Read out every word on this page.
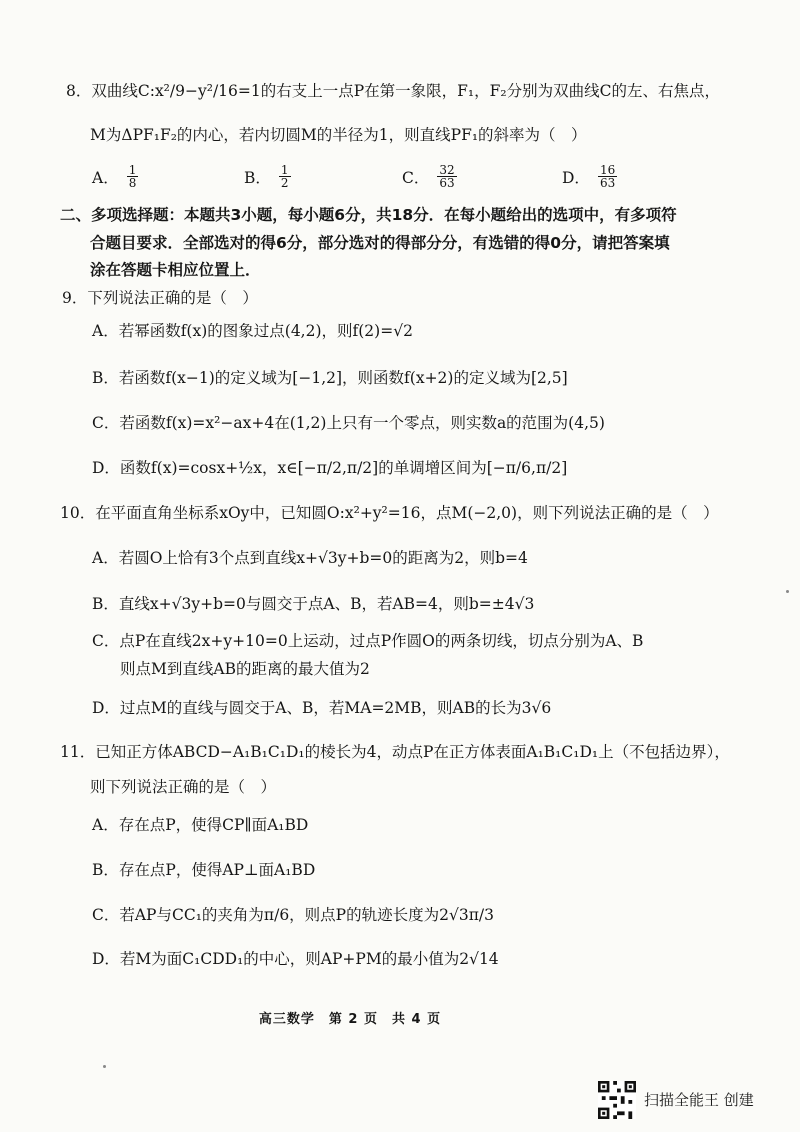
8．双曲线C:x²/9−y²/16=1的右支上一点P在第一象限，F₁，F₂分别为双曲线C的左、右焦点，
M为ΔPF₁F₂的内心，若内切圆M的半径为1，则直线PF₁的斜率为（　）
A． $\frac{1}{8}$	B． $\frac{1}{2}$	C． $\frac{32}{63}$	D． $\frac{16}{63}$
二、多项选择题：本题共3小题，每小题6分，共18分．在每小题给出的选项中，有多项符
合题目要求．全部选对的得6分，部分选对的得部分分，有选错的得0分，请把答案填
涂在答题卡相应位置上．
9．下列说法正确的是（　）
A．若幂函数f(x)的图象过点(4,2)，则f(2)=√2
B．若函数f(x−1)的定义域为[−1,2]，则函数f(x+2)的定义域为[2,5]
C．若函数f(x)=x²−ax+4在(1,2)上只有一个零点，则实数a的范围为(4,5)
D．函数f(x)=cosx+½x，x∈[−π/2,π/2]的单调增区间为[−π/6,π/2]
10．在平面直角坐标系xOy中，已知圆O:x²+y²=16，点M(−2,0)，则下列说法正确的是（　）
A．若圆O上恰有3个点到直线x+√3y+b=0的距离为2，则b=4
B．直线x+√3y+b=0与圆交于点A、B，若AB=4，则b=±4√3
C．点P在直线2x+y+10=0上运动，过点P作圆O的两条切线，切点分别为A、B
则点M到直线AB的距离的最大值为2
D．过点M的直线与圆交于A、B，若MA=2MB，则AB的长为3√6
11．已知正方体ABCD−A₁B₁C₁D₁的棱长为4，动点P在正方体表面A₁B₁C₁D₁上（不包括边界），
则下列说法正确的是（　）
A．存在点P，使得CP∥面A₁BD
B．存在点P，使得AP⊥面A₁BD
C．若AP与CC₁的夹角为π/6，则点P的轨迹长度为2√3π/3
D．若M为面C₁CDD₁的中心，则AP+PM的最小值为2√14
高三数学　第 2 页　共 4 页
扫描全能王 创建
